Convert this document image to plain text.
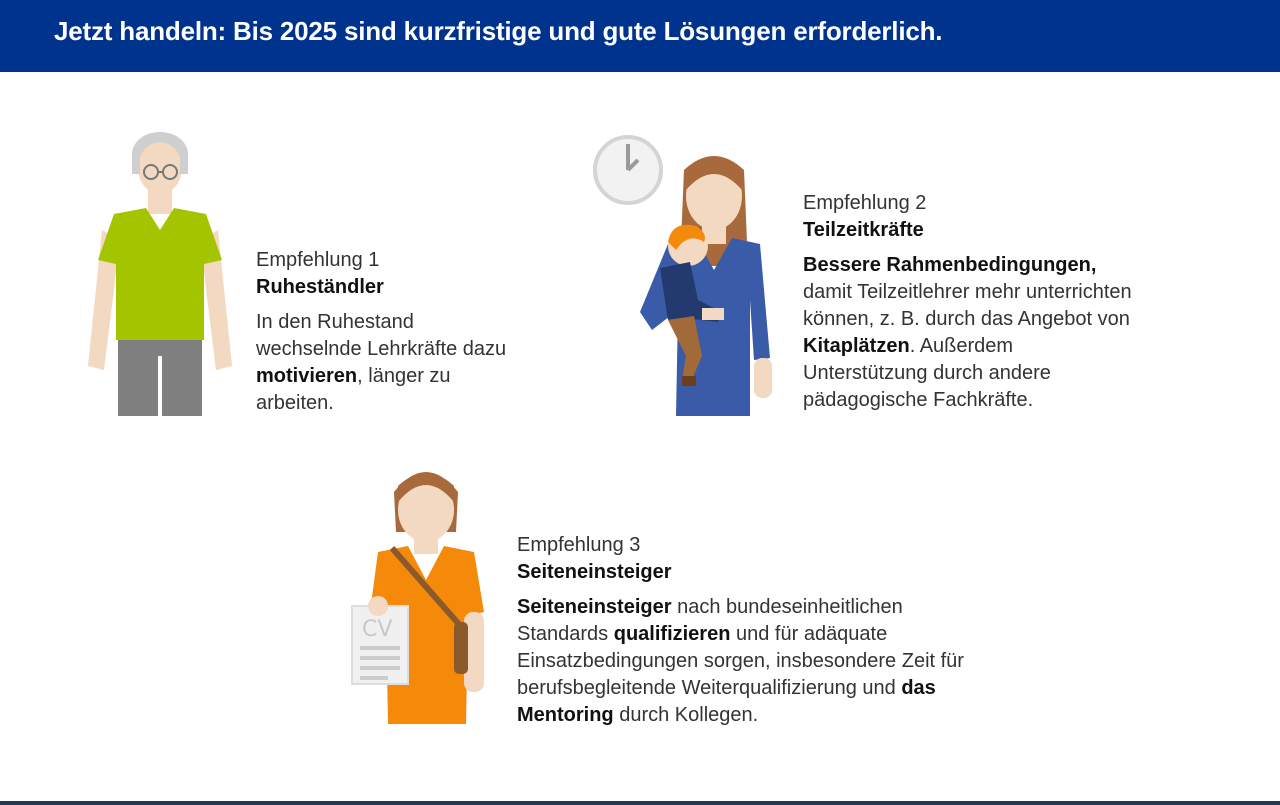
Jetzt handeln: Bis 2025 sind kurzfristige und gute Lösungen erforderlich.
Empfehlung 1
Ruheständler

In den Ruhestand wechselnde Lehrkräfte dazu motivieren, länger zu arbeiten.

Empfehlung 2
Teilzeitkräfte

Bessere Rahmenbedingungen, damit Teilzeitlehrer mehr unterrichten können, z. B. durch das Angebot von Kitaplätzen. Außerdem Unterstützung durch andere pädagogische Fachkräfte.

CV
Empfehlung 3
Seiteneinsteiger

Seiteneinsteiger nach bundeseinheitlichen Standards qualifizieren und für adäquate Einsatzbedingungen sorgen, insbesondere Zeit für berufsbegleitende Weiterqualifizierung und das Mentoring durch Kollegen.
